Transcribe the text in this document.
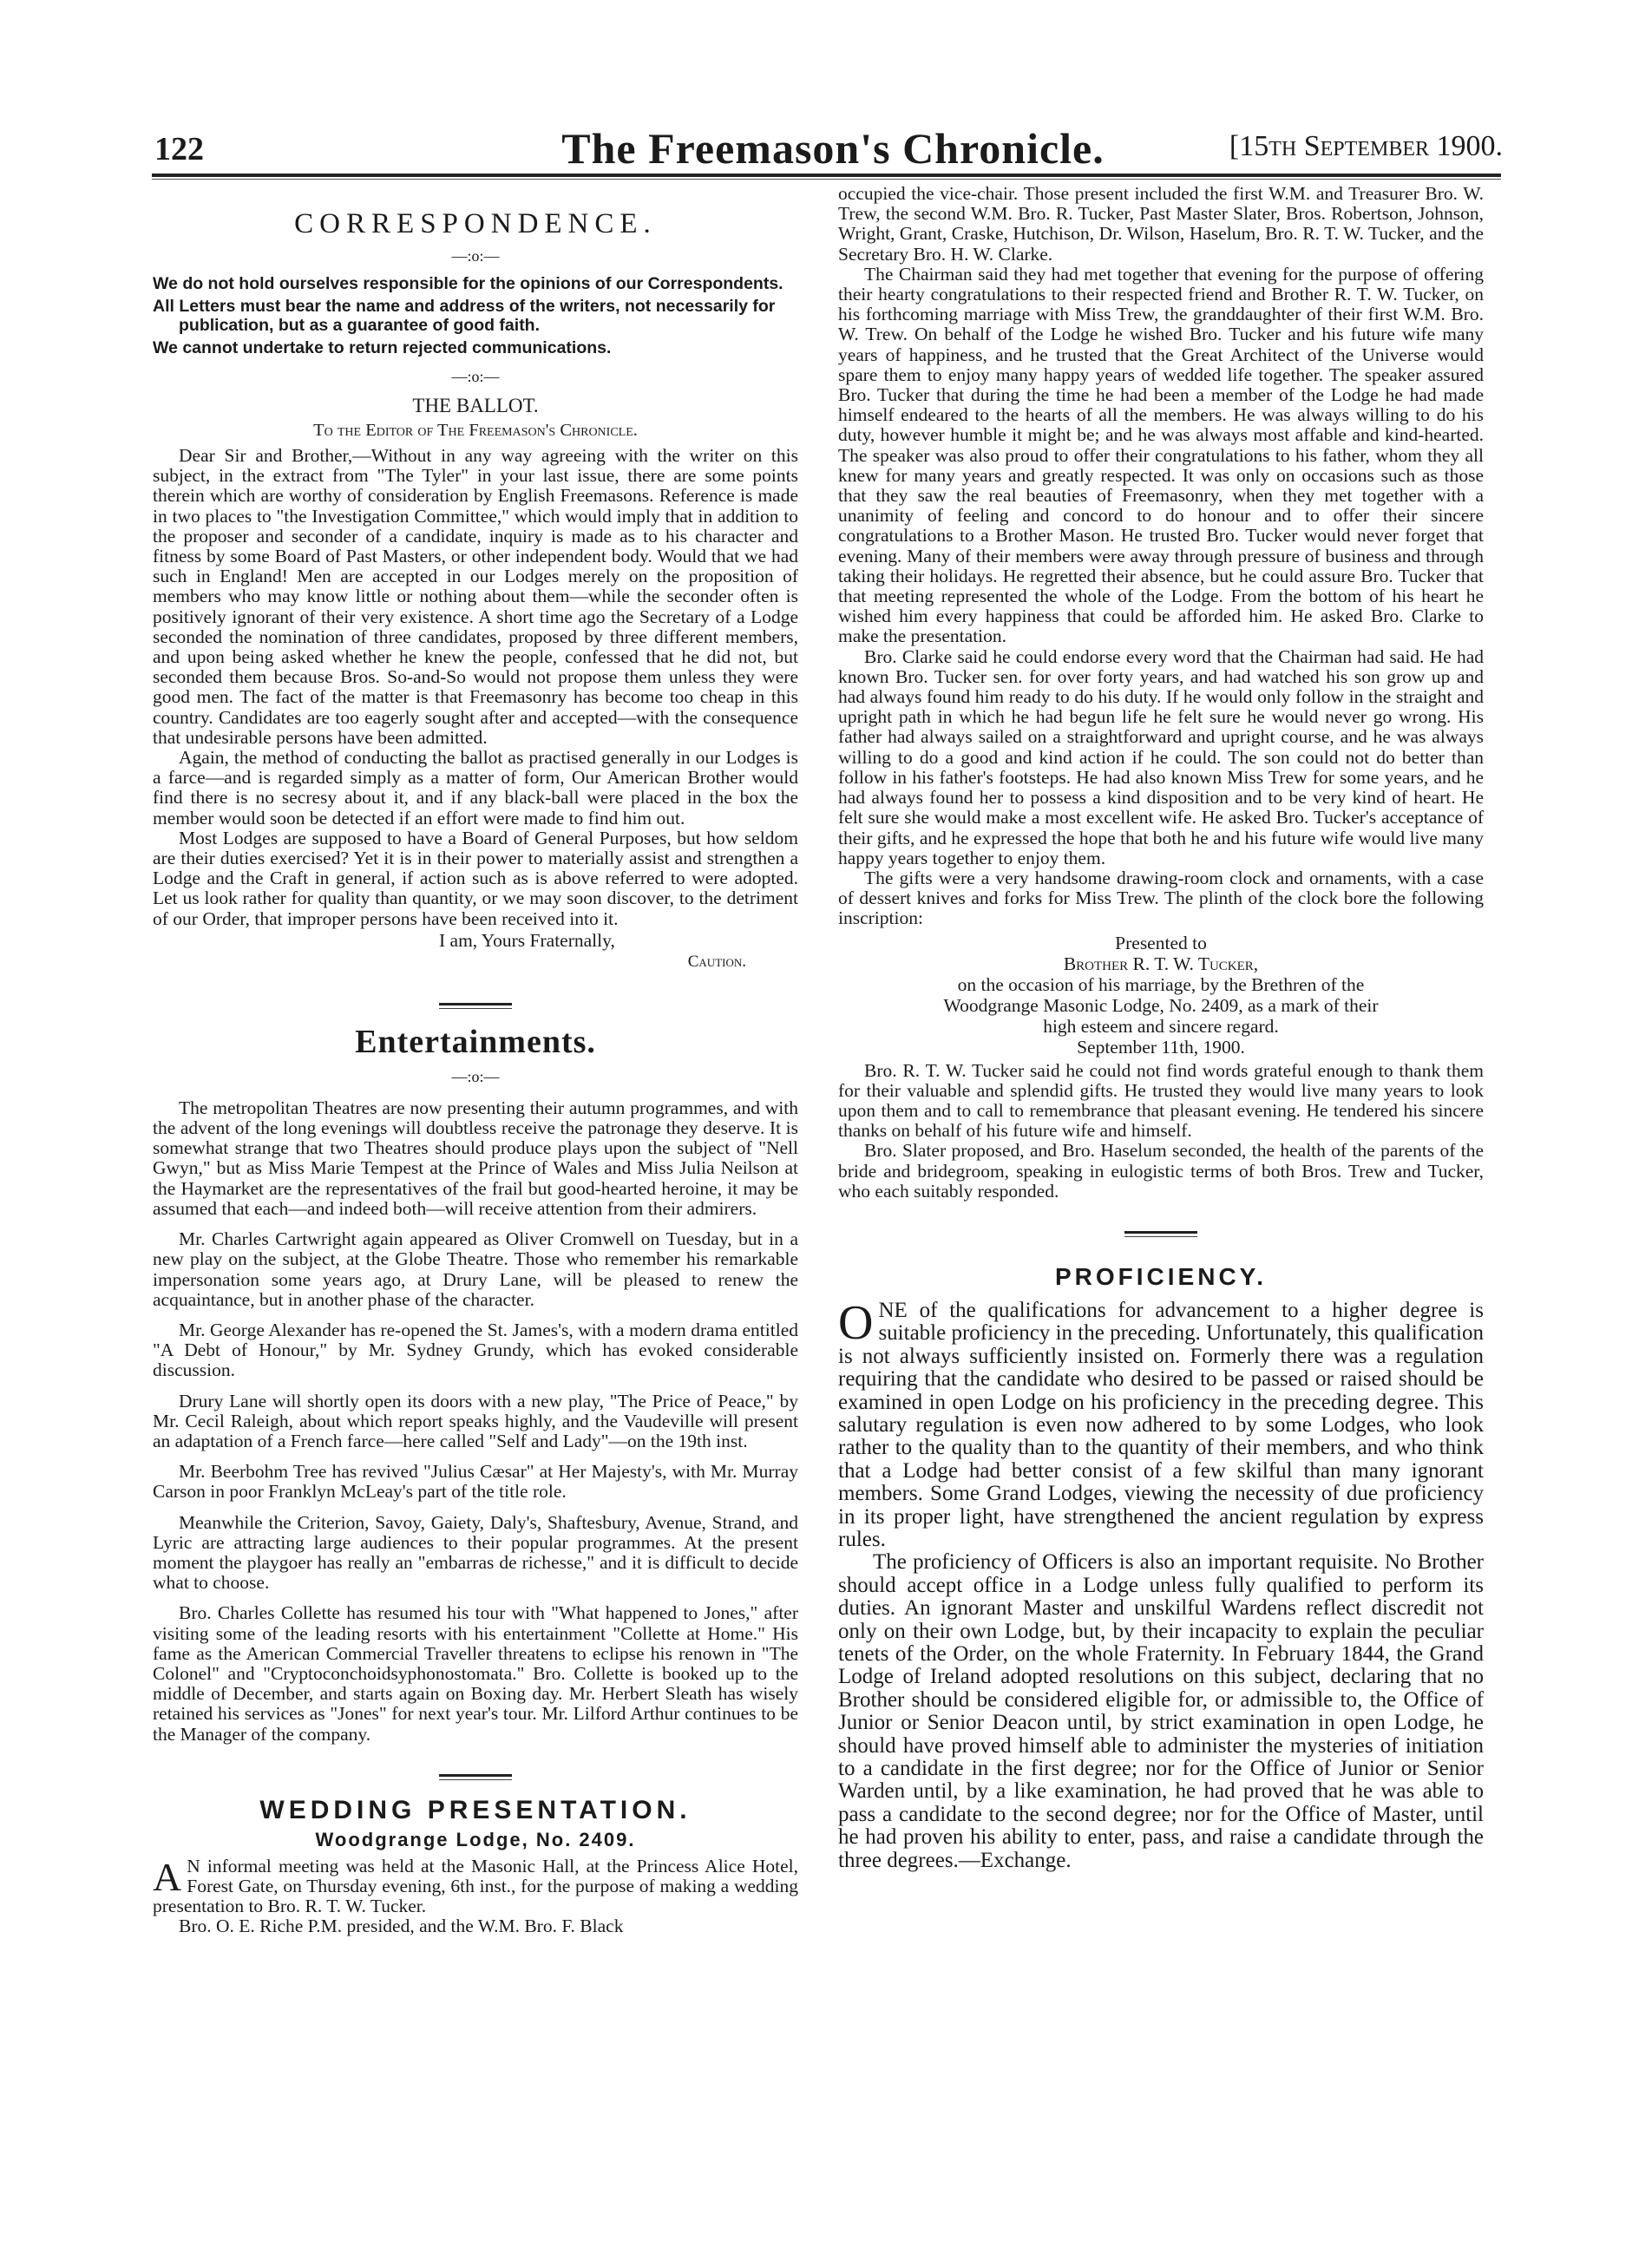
122	The Freemason's Chronicle.	[15th September 1900.
CORRESPONDENCE.
—:o:—

We do not hold ourselves responsible for the opinions of our Correspondents.

All Letters must bear the name and address of the writers, not necessarily for publication, but as a guarantee of good faith.

We cannot undertake to return rejected communications.

—:o:—
THE BALLOT.
To the Editor of The Freemason's Chronicle.

Dear Sir and Brother,—Without in any way agreeing with the writer on this subject, in the extract from "The Tyler" in your last issue, there are some points therein which are worthy of consideration by English Freemasons. Reference is made in two places to "the Investigation Committee," which would imply that in addition to the proposer and seconder of a candidate, inquiry is made as to his character and fitness by some Board of Past Masters, or other independent body. Would that we had such in England! Men are accepted in our Lodges merely on the proposition of members who may know little or nothing about them—while the seconder often is positively ignorant of their very existence. A short time ago the Secretary of a Lodge seconded the nomination of three candidates, proposed by three different members, and upon being asked whether he knew the people, confessed that he did not, but seconded them because Bros. So-and-So would not propose them unless they were good men. The fact of the matter is that Freemasonry has become too cheap in this country. Candidates are too eagerly sought after and accepted—with the consequence that undesirable persons have been admitted.

Again, the method of conducting the ballot as practised generally in our Lodges is a farce—and is regarded simply as a matter of form, Our American Brother would find there is no secresy about it, and if any black-ball were placed in the box the member would soon be detected if an effort were made to find him out.

Most Lodges are supposed to have a Board of General Purposes, but how seldom are their duties exercised? Yet it is in their power to materially assist and strengthen a Lodge and the Craft in general, if action such as is above referred to were adopted. Let us look rather for quality than quantity, or we may soon discover, to the detriment of our Order, that improper persons have been received into it.

I am, Yours Fraternally,

Caution.

Entertainments.
—:o:—

The metropolitan Theatres are now presenting their autumn programmes, and with the advent of the long evenings will doubtless receive the patronage they deserve. It is somewhat strange that two Theatres should produce plays upon the subject of "Nell Gwyn," but as Miss Marie Tempest at the Prince of Wales and Miss Julia Neilson at the Haymarket are the representatives of the frail but good-hearted heroine, it may be assumed that each—and indeed both—will receive attention from their admirers.

Mr. Charles Cartwright again appeared as Oliver Cromwell on Tuesday, but in a new play on the subject, at the Globe Theatre. Those who remember his remarkable impersonation some years ago, at Drury Lane, will be pleased to renew the acquaintance, but in another phase of the character.

Mr. George Alexander has re-opened the St. James's, with a modern drama entitled "A Debt of Honour," by Mr. Sydney Grundy, which has evoked considerable discussion.

Drury Lane will shortly open its doors with a new play, "The Price of Peace," by Mr. Cecil Raleigh, about which report speaks highly, and the Vaudeville will present an adaptation of a French farce—here called "Self and Lady"—on the 19th inst.

Mr. Beerbohm Tree has revived "Julius Cæsar" at Her Majesty's, with Mr. Murray Carson in poor Franklyn McLeay's part of the title role.

Meanwhile the Criterion, Savoy, Gaiety, Daly's, Shaftesbury, Avenue, Strand, and Lyric are attracting large audiences to their popular programmes. At the present moment the playgoer has really an "embarras de richesse," and it is difficult to decide what to choose.

Bro. Charles Collette has resumed his tour with "What happened to Jones," after visiting some of the leading resorts with his entertainment "Collette at Home." His fame as the American Commercial Traveller threatens to eclipse his renown in "The Colonel" and "Cryptoconchoidsyphonostomata." Bro. Collette is booked up to the middle of December, and starts again on Boxing day. Mr. Herbert Sleath has wisely retained his services as "Jones" for next year's tour. Mr. Lilford Arthur continues to be the Manager of the company.

WEDDING PRESENTATION.
Woodgrange Lodge, No. 2409.

A N informal meeting was held at the Masonic Hall, at the Princess Alice Hotel, Forest Gate, on Thursday evening, 6th inst., for the purpose of making a wedding presentation to Bro. R. T. W. Tucker.

Bro. O. E. Riche P.M. presided, and the W.M. Bro. F. Black

occupied the vice-chair. Those present included the first W.M. and Treasurer Bro. W. Trew, the second W.M. Bro. R. Tucker, Past Master Slater, Bros. Robertson, Johnson, Wright, Grant, Craske, Hutchison, Dr. Wilson, Haselum, Bro. R. T. W. Tucker, and the Secretary Bro. H. W. Clarke.

The Chairman said they had met together that evening for the purpose of offering their hearty congratulations to their respected friend and Brother R. T. W. Tucker, on his forthcoming marriage with Miss Trew, the granddaughter of their first W.M. Bro. W. Trew. On behalf of the Lodge he wished Bro. Tucker and his future wife many years of happiness, and he trusted that the Great Architect of the Universe would spare them to enjoy many happy years of wedded life together. The speaker assured Bro. Tucker that during the time he had been a member of the Lodge he had made himself endeared to the hearts of all the members. He was always willing to do his duty, however humble it might be; and he was always most affable and kind-hearted. The speaker was also proud to offer their congratulations to his father, whom they all knew for many years and greatly respected. It was only on occasions such as those that they saw the real beauties of Freemasonry, when they met together with a unanimity of feeling and concord to do honour and to offer their sincere congratulations to a Brother Mason. He trusted Bro. Tucker would never forget that evening. Many of their members were away through pressure of business and through taking their holidays. He regretted their absence, but he could assure Bro. Tucker that that meeting represented the whole of the Lodge. From the bottom of his heart he wished him every happiness that could be afforded him. He asked Bro. Clarke to make the presentation.

Bro. Clarke said he could endorse every word that the Chairman had said. He had known Bro. Tucker sen. for over forty years, and had watched his son grow up and had always found him ready to do his duty. If he would only follow in the straight and upright path in which he had begun life he felt sure he would never go wrong. His father had always sailed on a straightforward and upright course, and he was always willing to do a good and kind action if he could. The son could not do better than follow in his father's footsteps. He had also known Miss Trew for some years, and he had always found her to possess a kind disposition and to be very kind of heart. He felt sure she would make a most excellent wife. He asked Bro. Tucker's acceptance of their gifts, and he expressed the hope that both he and his future wife would live many happy years together to enjoy them.

The gifts were a very handsome drawing-room clock and ornaments, with a case of dessert knives and forks for Miss Trew. The plinth of the clock bore the following inscription:

Presented to

Brother R. T. W. Tucker,

on the occasion of his marriage, by the Brethren of the

Woodgrange Masonic Lodge, No. 2409, as a mark of their

high esteem and sincere regard.

September 11th, 1900.

Bro. R. T. W. Tucker said he could not find words grateful enough to thank them for their valuable and splendid gifts. He trusted they would live many years to look upon them and to call to remembrance that pleasant evening. He tendered his sincere thanks on behalf of his future wife and himself.

Bro. Slater proposed, and Bro. Haselum seconded, the health of the parents of the bride and bridegroom, speaking in eulogistic terms of both Bros. Trew and Tucker, who each suitably responded.

PROFICIENCY.

ONE of the qualifications for advancement to a higher degree is suitable proficiency in the preceding. Unfortunately, this qualification is not always sufficiently insisted on. Formerly there was a regulation requiring that the candidate who desired to be passed or raised should be examined in open Lodge on his proficiency in the preceding degree. This salutary regulation is even now adhered to by some Lodges, who look rather to the quality than to the quantity of their members, and who think that a Lodge had better consist of a few skilful than many ignorant members. Some Grand Lodges, viewing the necessity of due proficiency in its proper light, have strengthened the ancient regulation by express rules.

The proficiency of Officers is also an important requisite. No Brother should accept office in a Lodge unless fully qualified to perform its duties. An ignorant Master and unskilful Wardens reflect discredit not only on their own Lodge, but, by their incapacity to explain the peculiar tenets of the Order, on the whole Fraternity. In February 1844, the Grand Lodge of Ireland adopted resolutions on this subject, declaring that no Brother should be considered eligible for, or admissible to, the Office of Junior or Senior Deacon until, by strict examination in open Lodge, he should have proved himself able to administer the mysteries of initiation to a candidate in the first degree; nor for the Office of Junior or Senior Warden until, by a like examination, he had proved that he was able to pass a candidate to the second degree; nor for the Office of Master, until he had proven his ability to enter, pass, and raise a candidate through the three degrees.—Exchange.
